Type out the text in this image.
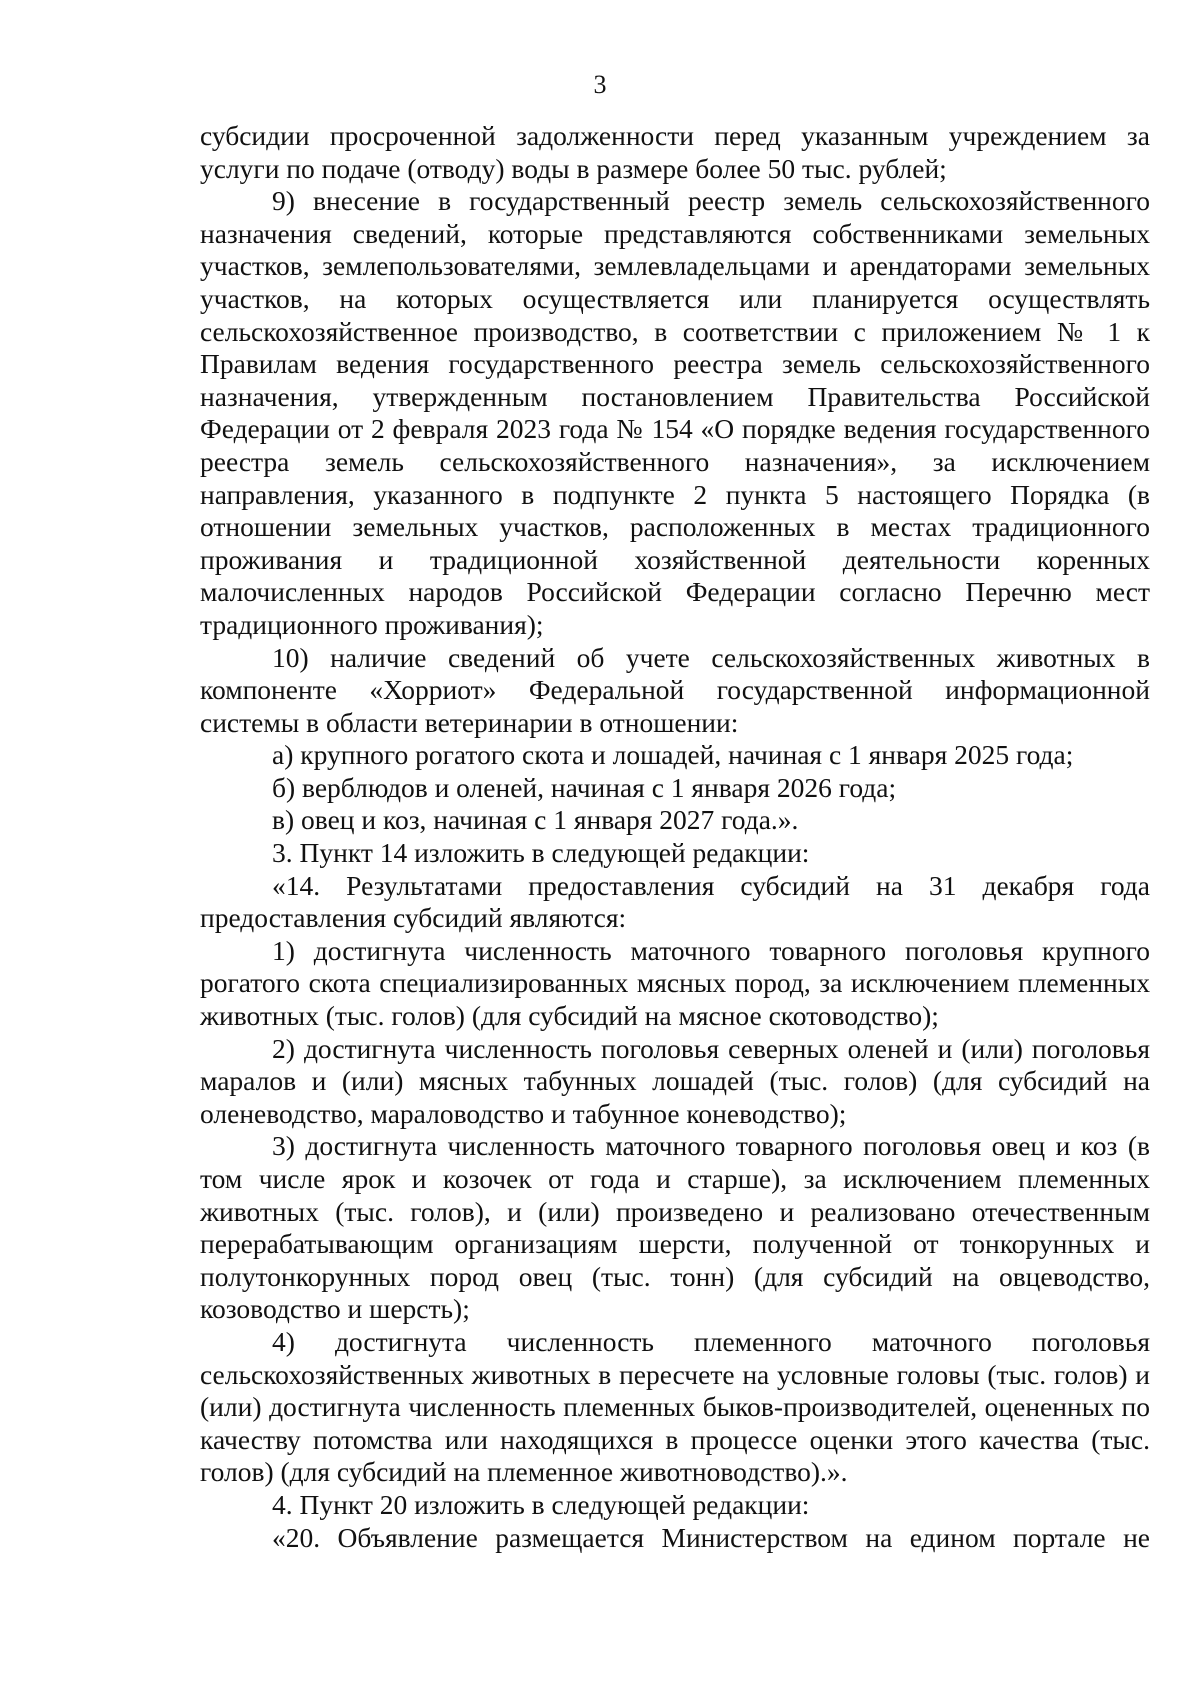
3

субсидии просроченной задолженности перед указанным учреждением за услуги по подаче (отводу) воды в размере более 50 тыс. рублей;

9) внесение в государственный реестр земель сельскохозяйственного назначения сведений, которые представляются собственниками земельных участков, землепользователями, землевладельцами и арендаторами земельных участков, на которых осуществляется или планируется осуществлять сельскохозяйственное производство, в соответствии с приложением № 1 к Правилам ведения государственного реестра земель сельскохозяйственного назначения, утвержденным постановлением Правительства Российской Федерации от 2 февраля 2023 года № 154 «О порядке ведения государственного реестра земель сельскохозяйственного назначения», за исключением направления, указанного в подпункте 2 пункта 5 настоящего Порядка (в отношении земельных участков, расположенных в местах традиционного проживания и традиционной хозяйственной деятельности коренных малочисленных народов Российской Федерации согласно Перечню мест традиционного проживания);

10) наличие сведений об учете сельскохозяйственных животных в компоненте «Хорриот» Федеральной государственной информационной системы в области ветеринарии в отношении:

а) крупного рогатого скота и лошадей, начиная с 1 января 2025 года;

б) верблюдов и оленей, начиная с 1 января 2026 года;

в) овец и коз, начиная с 1 января 2027 года.».

3. Пункт 14 изложить в следующей редакции:

«14. Результатами предоставления субсидий на 31 декабря года предоставления субсидий являются:

1) достигнута численность маточного товарного поголовья крупного рогатого скота специализированных мясных пород, за исключением племенных животных (тыс. голов) (для субсидий на мясное скотоводство);

2) достигнута численность поголовья северных оленей и (или) поголовья маралов и (или) мясных табунных лошадей (тыс. голов) (для субсидий на оленеводство, мараловодство и табунное коневодство);

3) достигнута численность маточного товарного поголовья овец и коз (в том числе ярок и козочек от года и старше), за исключением племенных животных (тыс. голов), и (или) произведено и реализовано отечественным перерабатывающим организациям шерсти, полученной от тонкорунных и полутонкорунных пород овец (тыс. тонн) (для субсидий на овцеводство, козоводство и шерсть);

4) достигнута численность племенного маточного поголовья сельскохозяйственных животных в пересчете на условные головы (тыс. голов) и (или) достигнута численность племенных быков-производителей, оцененных по качеству потомства или находящихся в процессе оценки этого качества (тыс. голов) (для субсидий на племенное животноводство).».

4. Пункт 20 изложить в следующей редакции:

«20. Объявление размещается Министерством на едином портале не
